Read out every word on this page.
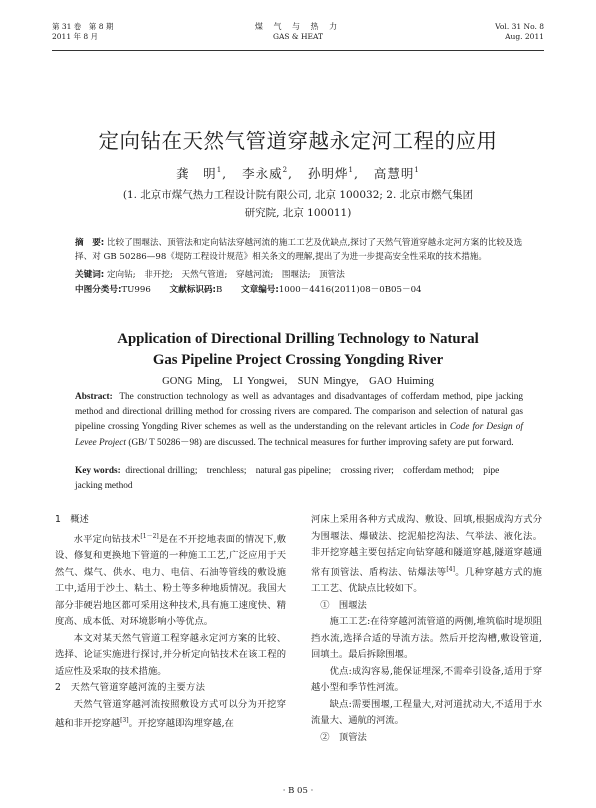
第 31 卷　第 8 期
2011 年 8 月
煤 气 与 热 力
GAS & HEAT
Vol. 31 No. 8
Aug. 2011
定向钻在天然气管道穿越永定河工程的应用
龚　明$^1$,   李永威$^2$,   孙明烨$^1$,   高慧明$^1$
(1. 北京市煤气热力工程设计院有限公司, 北京 100032; 2. 北京市燃气集团
研究院, 北京 100011)
摘　要: 比较了围堰法、顶管法和定向钻法穿越河流的施工工艺及优缺点,探讨了天然气管道穿越永定河方案的比较及选择、对 GB 50286—98《堤防工程设计规范》相关条文的理解,提出了为进一步提高安全性采取的技术措施。
关键词: 定向钻;　非开挖;　天然气管道;　穿越河流;　围堰法;　顶管法
中图分类号:TU996 文献标识码:B 文章编号:1000－4416(2011)08－0B05－04
Application of Directional Drilling Technology to Natural
Gas Pipeline Project Crossing Yongding River
GONG Ming,　LI Yongwei,　SUN Mingye,　GAO Huiming
Abstract: The construction technology as well as advantages and disadvantages of cofferdam method, pipe jacking method and directional drilling method for crossing rivers are compared. The comparison and selection of natural gas pipeline crossing Yongding River schemes as well as the understanding on the relevant articles in Code for Design of Levee Project (GB/ T 50286－98) are discussed. The technical measures for further improving safety are put forward.
Key words: directional drilling;　trenchless;　natural gas pipeline;　crossing river;　cofferdam method;　pipe jacking method
1　概述

水平定向钻技术[1－2]是在不开挖地表面的情况下,敷设、修复和更换地下管道的一种施工工艺,广泛应用于天然气、煤气、供水、电力、电信、石油等管线的敷设施工中,适用于沙土、粘土、粉土等多种地质情况。我国大部分非硬岩地区都可采用这种技术,具有施工速度快、精度高、成本低、对环境影响小等优点。

本文对某天然气管道工程穿越永定河方案的比较、选择、论证实施进行探讨,并分析定向钻技术在该工程的适应性及采取的技术措施。

2　天然气管道穿越河流的主要方法

天然气管道穿越河流按照敷设方式可以分为开挖穿越和非开挖穿越[3]。开挖穿越即沟埋穿越,在

河床上采用各种方式成沟、敷设、回填,根据成沟方式分为围堰法、爆破法、挖泥船挖沟法、气举法、液化法。非开挖穿越主要包括定向钻穿越和隧道穿越,隧道穿越通常有顶管法、盾构法、钻爆法等[4]。几种穿越方式的施工工艺、优缺点比较如下。

①　围堰法

施工工艺:在待穿越河流管道的两侧,堆筑临时堤坝阻挡水流,选择合适的导流方法。然后开挖沟槽,敷设管道,回填土。最后拆除围堰。

优点:成沟容易,能保证埋深,不需牵引设备,适用于穿越小型和季节性河流。

缺点:需要围堰,工程量大,对河道扰动大,不适用于水流量大、通航的河流。

②　顶管法

· B 05 ·
